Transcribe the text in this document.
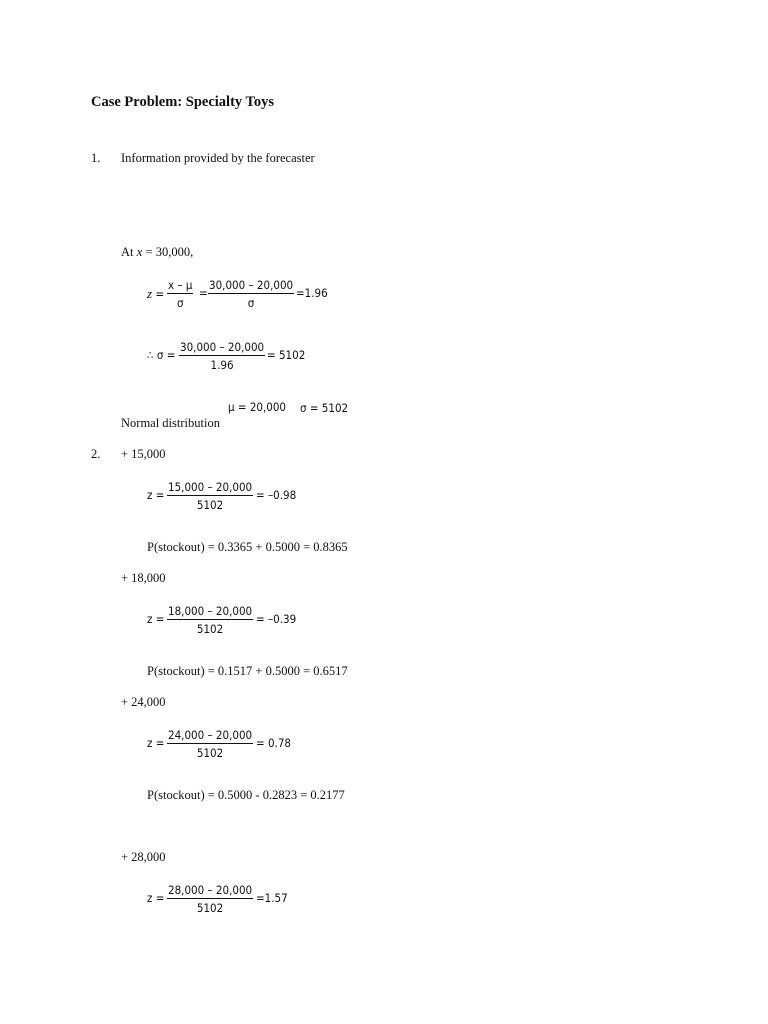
Case Problem: Specialty Toys
1. Information provided by the forecaster
At x = 30,000,
$z = \frac{x - \mu}{\sigma} = \frac{30,000 - 20,000}{\sigma} =1.96$
∴ $\sigma = \frac{30,000 - 20,000}{1.96} = 5102$
μ = 20,000 σ = 5102
Normal distribution
2. + 15,000
$z = \frac{15,000 - 20,000}{5102} = -0.98$
P(stockout) = 0.3365 + 0.5000 = 0.8365
+ 18,000
$z = \frac{18,000 - 20,000}{5102} = -0.39$
P(stockout) = 0.1517 + 0.5000 = 0.6517
+ 24,000
$z = \frac{24,000 - 20,000}{5102} = 0.78$
P(stockout) = 0.5000 - 0.2823 = 0.2177
+ 28,000
$z = \frac{28,000 - 20,000}{5102} =1.57$
